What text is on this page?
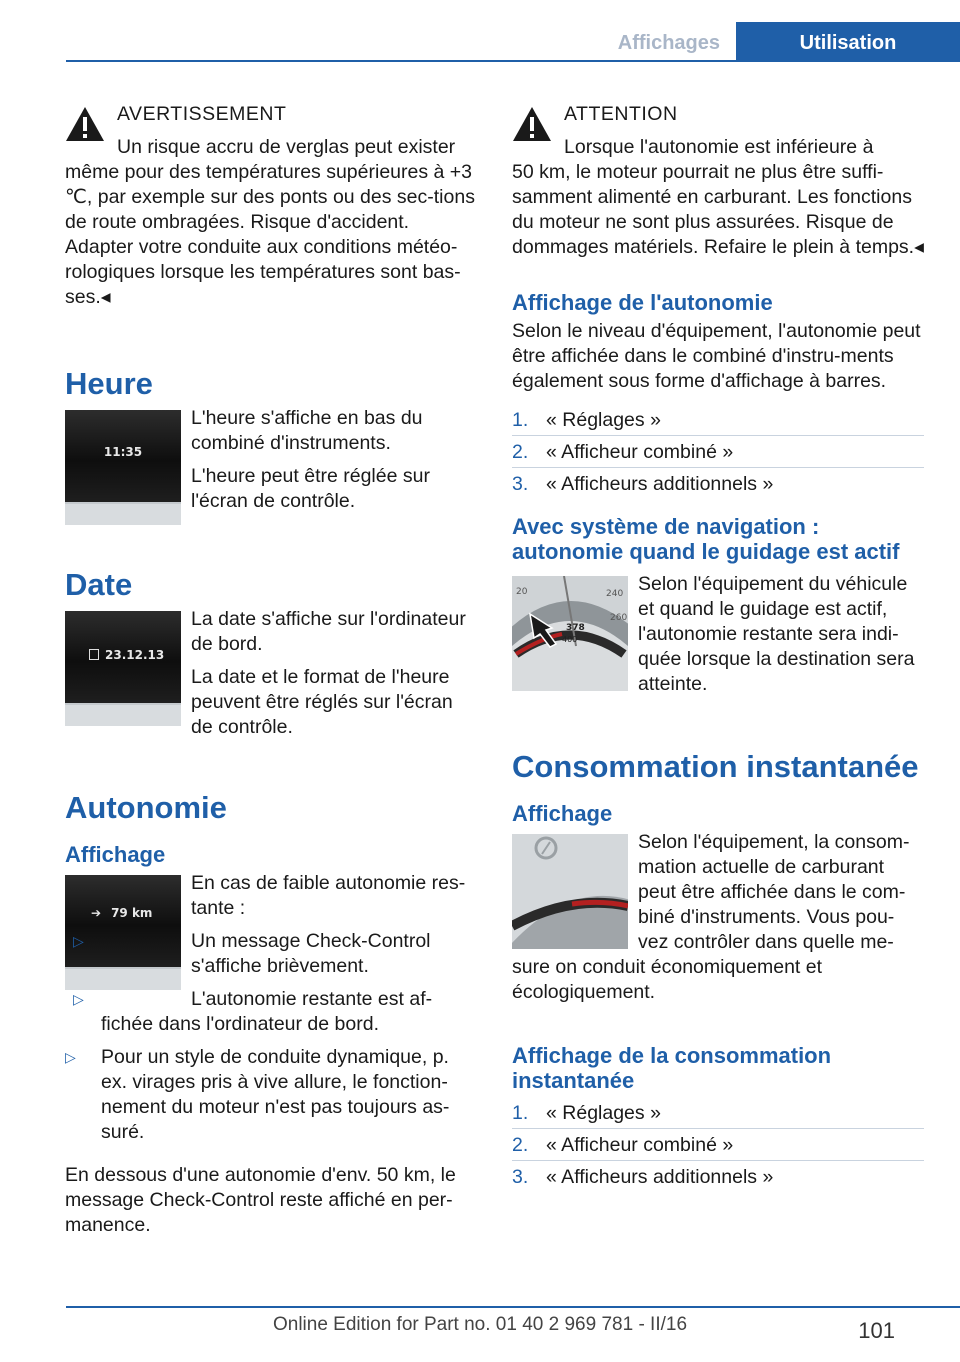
Affichages	Utilisation

AVERTISSEMENT

Un risque accru de verglas peut exister

même pour des températures supérieures à +3 ℃, par exemple sur des ponts ou des sec-tions de route ombragées. Risque d'accident. Adapter votre conduite aux conditions météo-rologiques lorsque les températures sont bas-ses.◂

Heure
11:35

L'heure s'affiche en bas du combiné d'instruments.

L'heure peut être réglée sur l'écran de contrôle.

Date
23.12.13

La date s'affiche sur l'ordinateur de bord.

La date et le format de l'heure peuvent être réglés sur l'écran de contrôle.

Autonomie
Affichage
➔ 79 km

En cas de faible autonomie res-tante :

▷	Un message Check-Control s'affiche brièvement.
▷	L'autonomie restante est af-fichée dans l'ordinateur de bord.
▷ Pour un style de conduite dynamique, p. ex. virages pris à vive allure, le fonction-nement du moteur n'est pas toujours as-suré.

En dessous d'une autonomie d'env. 50 km, le message Check-Control reste affiché en per-manence.

ATTENTION

Lorsque l'autonomie est inférieure à

50 km, le moteur pourrait ne plus être suffi-samment alimenté en carburant. Les fonctions du moteur ne sont plus assurées. Risque de dommages matériels. Refaire le plein à temps.◂

Affichage de l'autonomie

Selon le niveau d'équipement, l'autonomie peut être affichée dans le combiné d'instru-ments également sous forme d'affichage à barres.

1. « Réglages »
2. « Afficheur combiné »
3. « Afficheurs additionnels »
Avec système de navigation : autonomie quand le guidage est actif
20	240
260
378
400

Selon l'équipement du véhicule et quand le guidage est actif, l'autonomie restante sera indi-quée lorsque la destination sera atteinte.

Consommation instantanée
Affichage

Selon l'équipement, la consom-mation actuelle de carburant peut être affichée dans le com-biné d'instruments. Vous pou-vez contrôler dans quelle me-sure on conduit économiquement et écologiquement.

Affichage de la consommation instantanée
1. « Réglages »
2. « Afficheur combiné »
3. « Afficheurs additionnels »
101
Online Edition for Part no. 01 40 2 969 781 - II/16
